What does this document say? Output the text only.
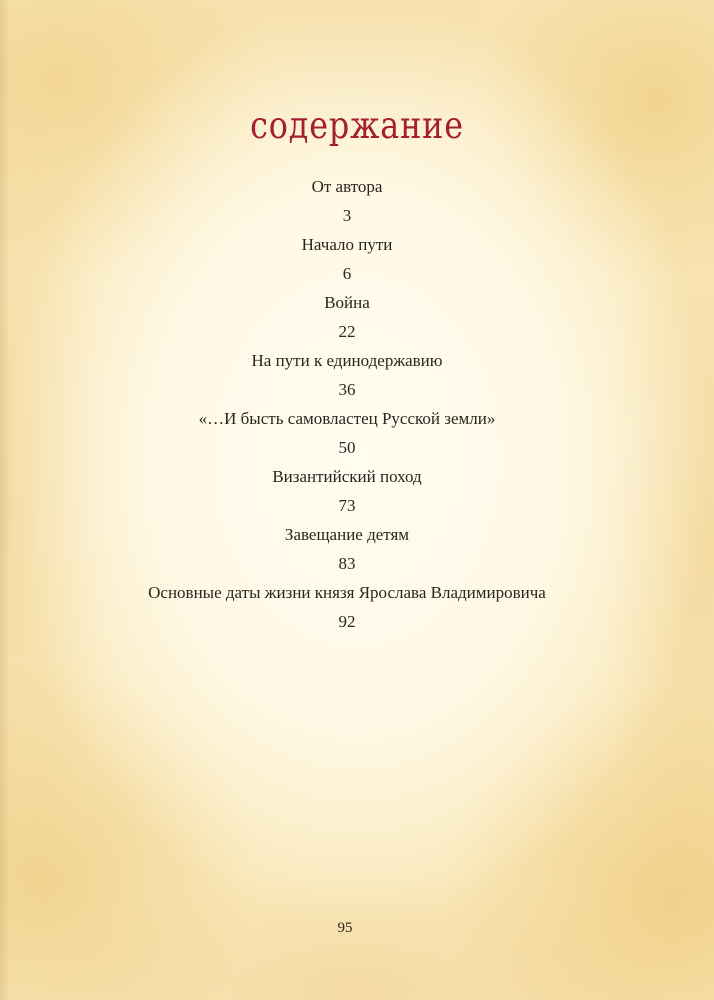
содержание
От автора
3
Начало пути
6
Война
22
На пути к единодержавию
36
«…И бысть самовластец Русской земли»
50
Византийский поход
73
Завещание детям
83
Основные даты жизни князя Ярослава Владимировича
92
95
